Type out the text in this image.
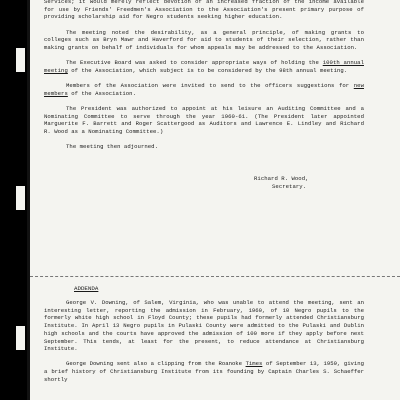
Services; it would merely reflect devotion of an increased fraction of the income available for use by Friends' Freedmen's Association to the Association's present primary purpose of providing scholarship aid for Negro students seeking higher education.

The meeting noted the desirability, as a general principle, of making grants to colleges such as Bryn Mawr and Haverford for aid to students of their selection, rather than making grants on behalf of individuals for whom appeals may be addressed to the Association.

The Executive Board was asked to consider appropriate ways of holding the 100th annual meeting of the Association, which subject is to be considered by the 98th annual meeting.

Members of the Association were invited to send to the officers suggestions for new members of the Association.

The President was authorized to appoint at his leisure an Auditing Committee and a Nominating Committee to serve through the year 1960-61. (The President later appointed Marguerite F. Barrett and Roger Scattergood as Auditors and Lawrence E. Lindley and Richard R. Wood as a Nominating Committee.)

The meeting then adjourned.

Richard R. Wood,
Secretary.
ADDENDA

George V. Downing, of Salem, Virginia, who was unable to attend the meeting, sent an interesting letter, reporting the admission in February, 1960, of 10 Negro pupils to the formerly white high school in Floyd County; these pupils had formerly attended Christiansburg Institute. In April 13 Negro pupils in Pulaski County were admitted to the Pulaski and Dublin high schools and the courts have approved the admission of 100 more if they apply before next September. This tends, at least for the present, to reduce attendance at Christiansburg Institute.

George Downing sent also a clipping from the Roanoke Times of September 13, 1959, giving a brief history of Christiansburg Institute from its founding by Captain Charles S. Schaeffer shortly
